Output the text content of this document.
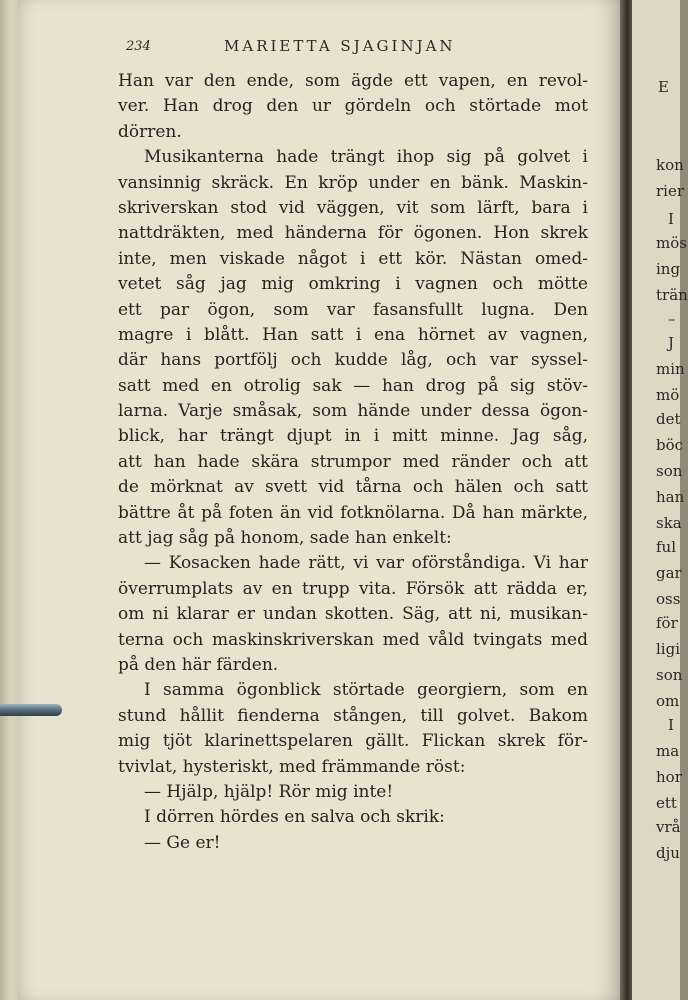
234	MARIETTA SJAGINJAN
Han var den ende, som ägde ett vapen, en revol-
ver. Han drog den ur gördeln och störtade mot
dörren.
Musikanterna hade trängt ihop sig på golvet i
vansinnig skräck. En kröp under en bänk. Maskin-
skriverskan stod vid väggen, vit som lärft, bara i
nattdräkten, med händerna för ögonen. Hon skrek
inte, men viskade något i ett kör. Nästan omed-
vetet såg jag mig omkring i vagnen och mötte
ett par ögon, som var fasansfullt lugna. Den
magre i blått. Han satt i ena hörnet av vagnen,
där hans portfölj och kudde låg, och var syssel-
satt med en otrolig sak — han drog på sig stöv-
larna. Varje småsak, som hände under dessa ögon-
blick, har trängt djupt in i mitt minne. Jag såg,
att han hade skära strumpor med ränder och att
de mörknat av svett vid tårna och hälen och satt
bättre åt på foten än vid fotknölarna. Då han märkte,
att jag såg på honom, sade han enkelt:
— Kosacken hade rätt, vi var oförståndiga. Vi har
överrumplats av en trupp vita. Försök att rädda er,
om ni klarar er undan skotten. Säg, att ni, musikan-
terna och maskinskriverskan med våld tvingats med
på den här färden.
I samma ögonblick störtade georgiern, som en
stund hållit fienderna stången, till golvet. Bakom
mig tjöt klarinettspelaren gällt. Flickan skrek för-
tvivlat, hysteriskt, med främmande röst:
— Hjälp, hjälp! Rör mig inte!
I dörren hördes en salva och skrik:
— Ge er!
E
kon
rier
I
mös
ing
trän
–
J
min
mö
det
böc
son
han
ska
ful
gar
oss
för
ligi
son
om
I
ma
hor
ett
vrå
dju
